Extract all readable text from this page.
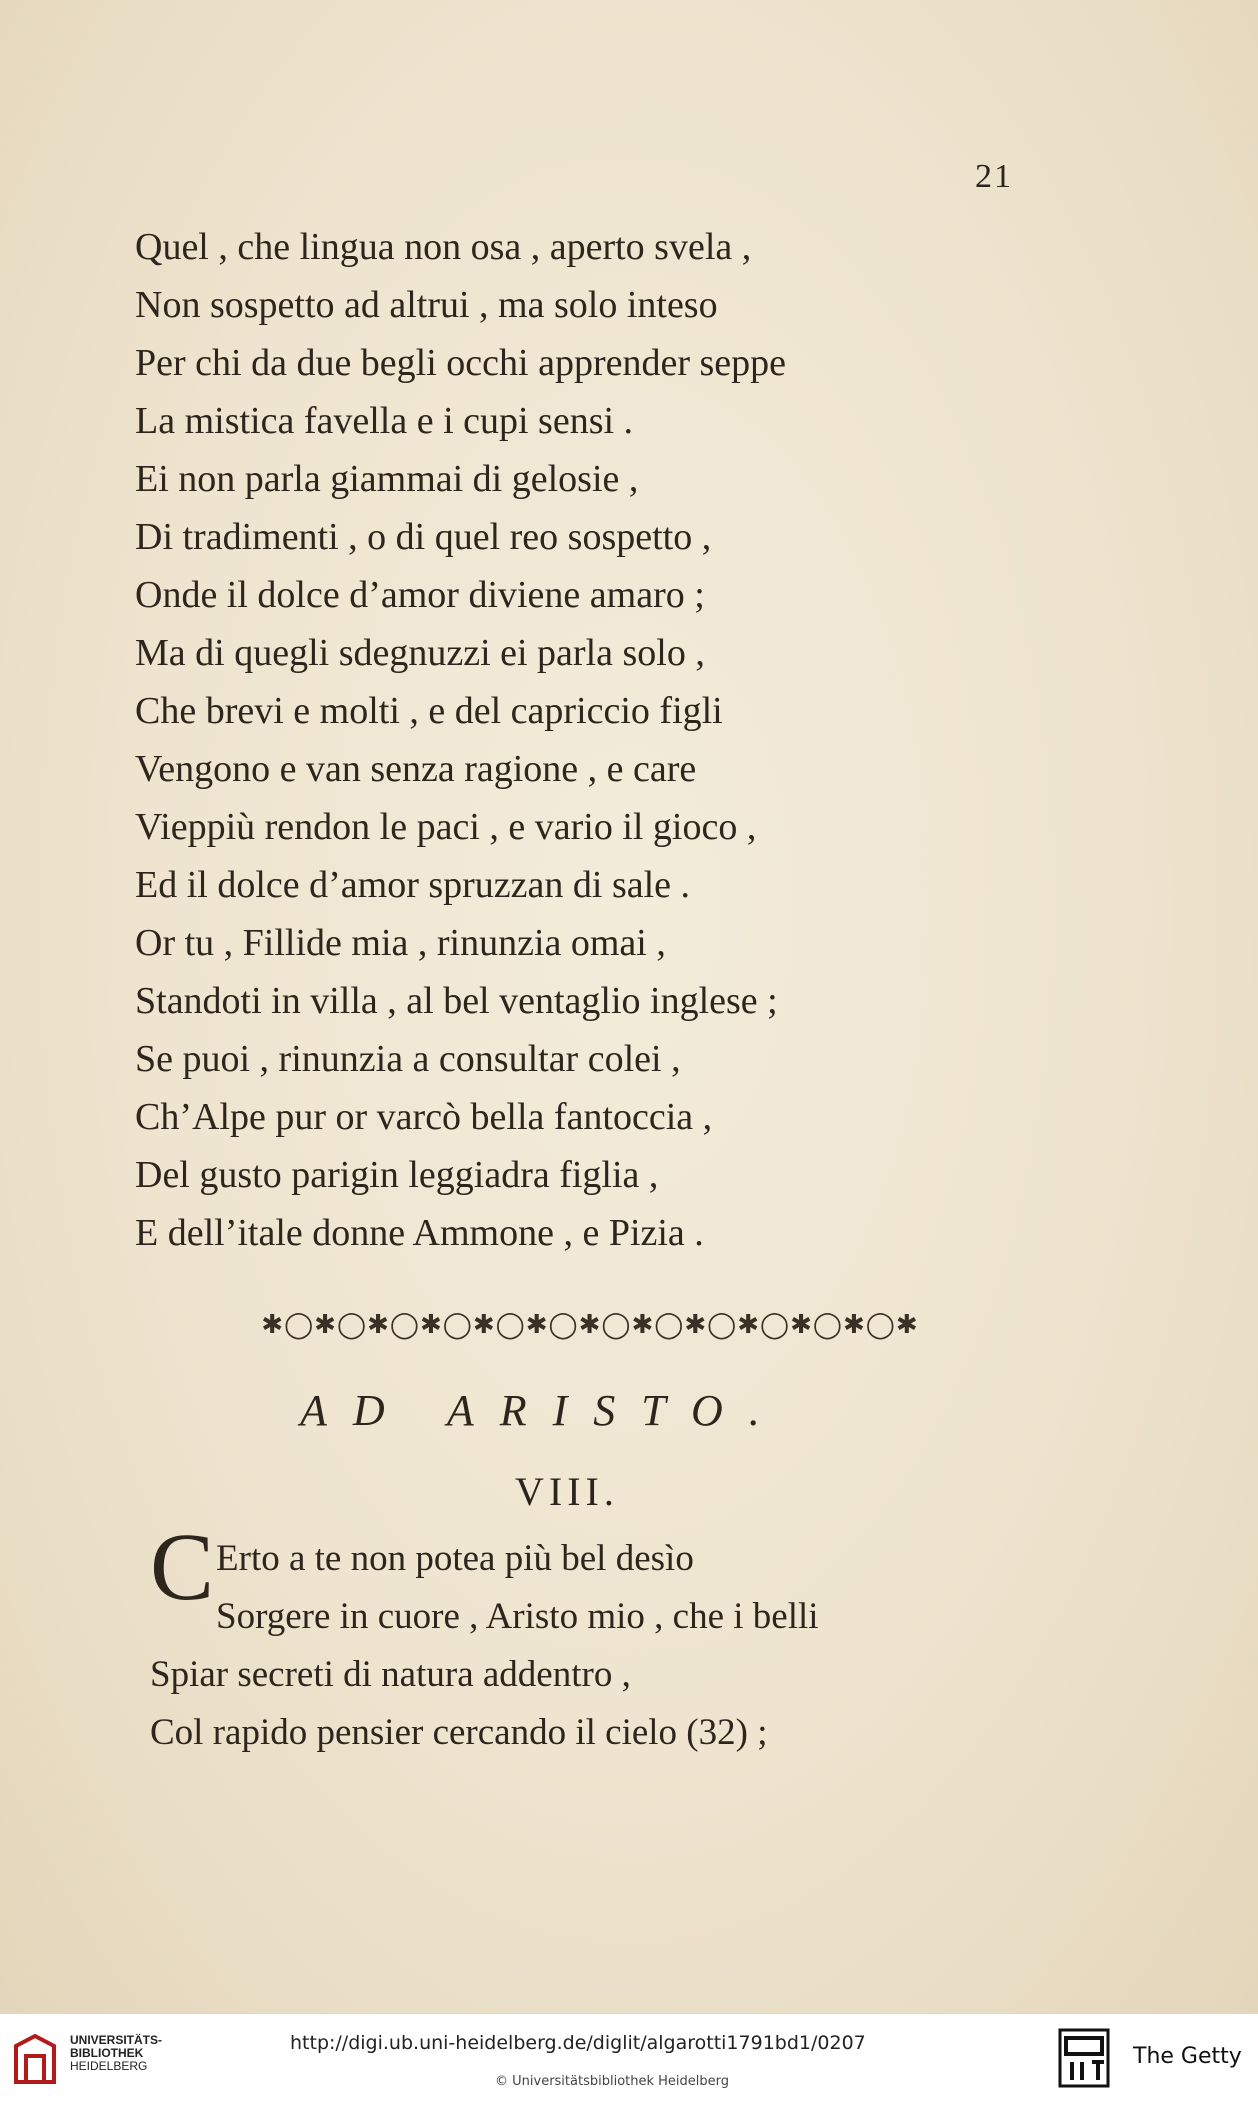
21
Quel , che lingua non osa , aperto svela ,
Non sospetto ad altrui , ma solo inteso
Per chi da due begli occhi apprender seppe
La mistica favella e i cupi sensi .
Ei non parla giammai di gelosie ,
Di tradimenti , o di quel reo sospetto ,
Onde il dolce d’amor diviene amaro ;
Ma di quegli sdegnuzzi ei parla solo ,
Che brevi e molti , e del capriccio figli
Vengono e van senza ragione , e care
Vieppiù rendon le paci , e vario il gioco ,
Ed il dolce d’amor spruzzan di sale .
Or tu , Fillide mia , rinunzia omai ,
Standoti in villa , al bel ventaglio inglese ;
Se puoi , rinunzia a consultar colei ,
Ch’Alpe pur or varcò bella fantoccia ,
Del gusto parigin leggiadra figlia ,
E dell’itale donne Ammone , e Pizia .
✱◯✱◯✱◯✱◯✱◯✱◯✱◯✱◯✱◯✱◯✱◯✱◯✱
AD ARISTO.
VIII.
C Erto a te non potea più bel desìo
Sorgere in cuore , Aristo mio , che i belli
Spiar secreti di natura addentro ,
Col rapido pensier cercando il cielo (32) ;
UNIVERSITÄTS-
BIBLIOTHEK
HEIDELBERG
http://digi.ub.uni-heidelberg.de/diglit/algarotti1791bd1/0207
© Universitätsbibliothek Heidelberg
The Getty
